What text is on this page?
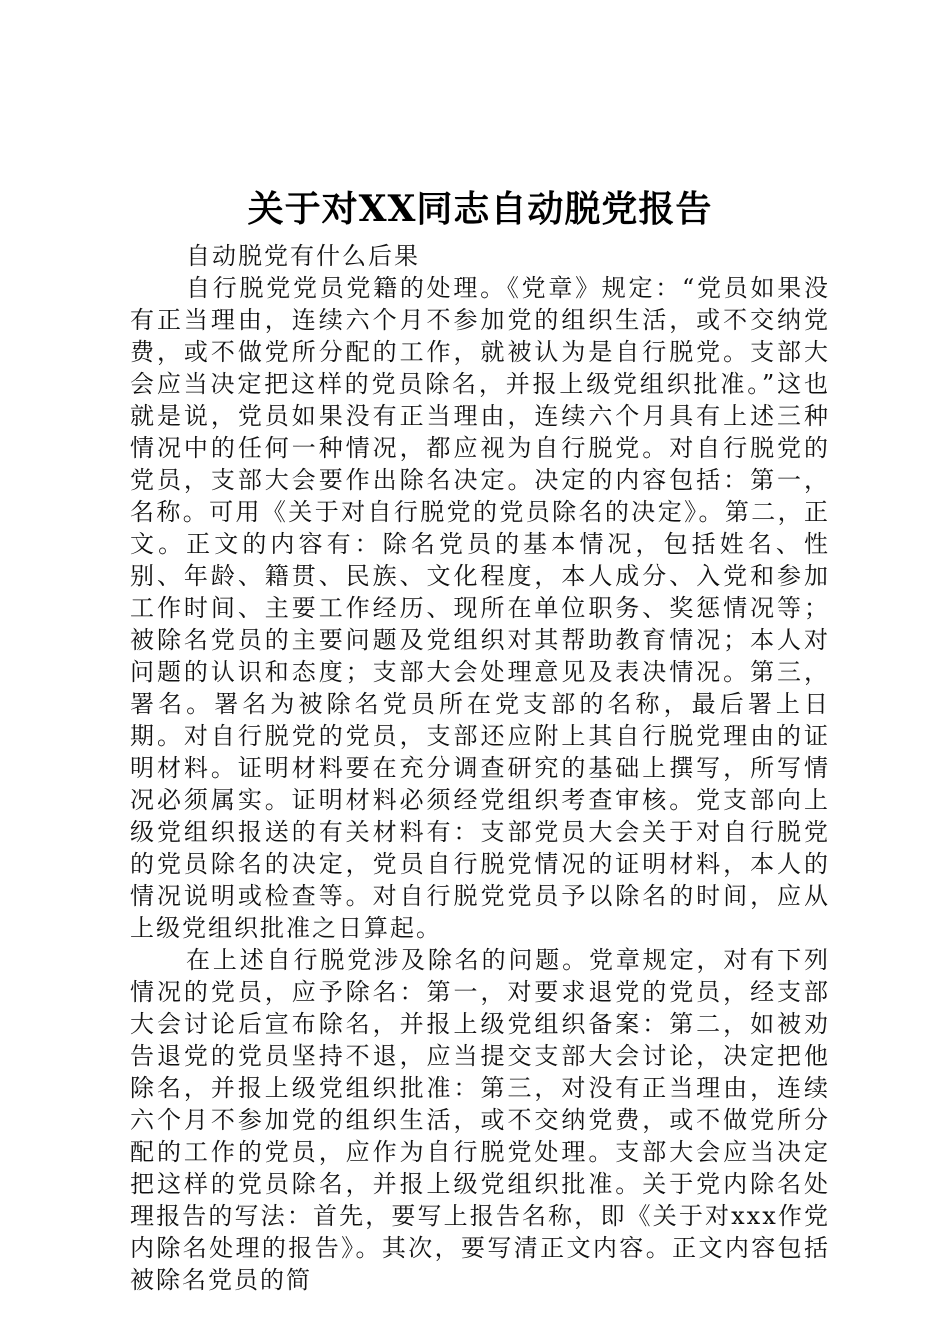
关于对XX同志自动脱党报告

自动脱党有什么后果

自行脱党党员党籍的处理。《党章》规定：“党员如果没有正当理由，连续六个月不参加党的组织生活，或不交纳党费，或不做党所分配的工作，就被认为是自行脱党。支部大会应当决定把这样的党员除名，并报上级党组织批准。”这也就是说，党员如果没有正当理由，连续六个月具有上述三种情况中的任何一种情况，都应视为自行脱党。对自行脱党的党员，支部大会要作出除名决定。决定的内容包括：第一，名称。可用《关于对自行脱党的党员除名的决定》。第二，正文。正文的内容有：除名党员的基本情况，包括姓名、性别、年龄、籍贯、民族、文化程度，本人成分、入党和参加工作时间、主要工作经历、现所在单位职务、奖惩情况等；被除名党员的主要问题及党组织对其帮助教育情况；本人对问题的认识和态度；支部大会处理意见及表决情况。第三，署名。署名为被除名党员所在党支部的名称，最后署上日期。对自行脱党的党员，支部还应附上其自行脱党理由的证明材料。证明材料要在充分调查研究的基础上撰写，所写情况必须属实。证明材料必须经党组织考查审核。党支部向上级党组织报送的有关材料有：支部党员大会关于对自行脱党的党员除名的决定，党员自行脱党情况的证明材料，本人的情况说明或检查等。对自行脱党党员予以除名的时间，应从上级党组织批准之日算起。

在上述自行脱党涉及除名的问题。党章规定，对有下列情况的党员，应予除名：第一，对要求退党的党员，经支部大会讨论后宣布除名，并报上级党组织备案：第二，如被劝告退党的党员坚持不退，应当提交支部大会讨论，决定把他除名，并报上级党组织批准：第三，对没有正当理由，连续六个月不参加党的组织生活，或不交纳党费，或不做党所分配的工作的党员，应作为自行脱党处理。支部大会应当决定把这样的党员除名，并报上级党组织批准。关于党内除名处理报告的写法：首先，要写上报告名称，即《关于对xxx作党内除名处理的报告》。其次，要写清正文内容。正文内容包括被除名党员的简
